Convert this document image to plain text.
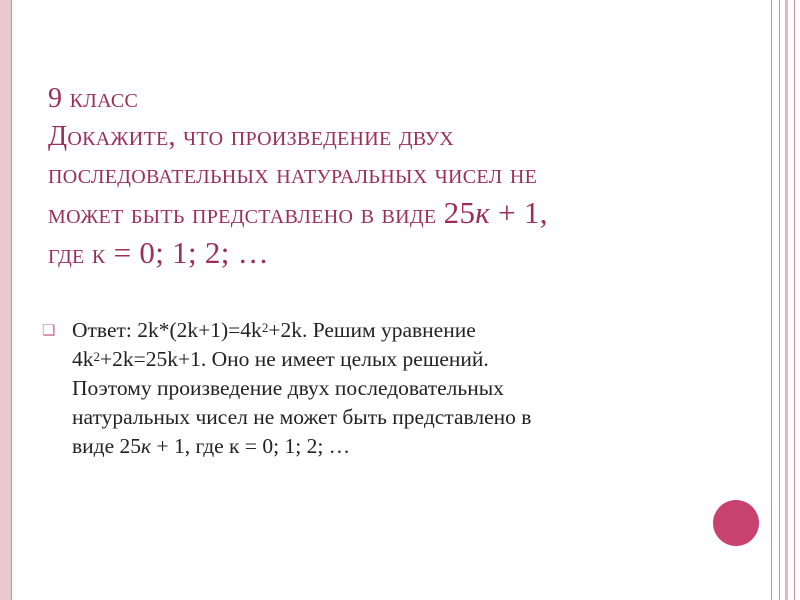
9 класс
Докажите, что произведение двух
последовательных натуральных чисел не
может быть представлено в виде 25к + 1,
где к = 0; 1; 2; …
❏ Ответ: $2k*(2k+1)=4k^2+2k$. Решим уравнение
$4k^2+2k=25k+1$. Оно не имеет целых решений.
Поэтому произведение двух последовательных
натуральных чисел не может быть представлено в
виде 25к + 1, где к = 0; 1; 2; …
